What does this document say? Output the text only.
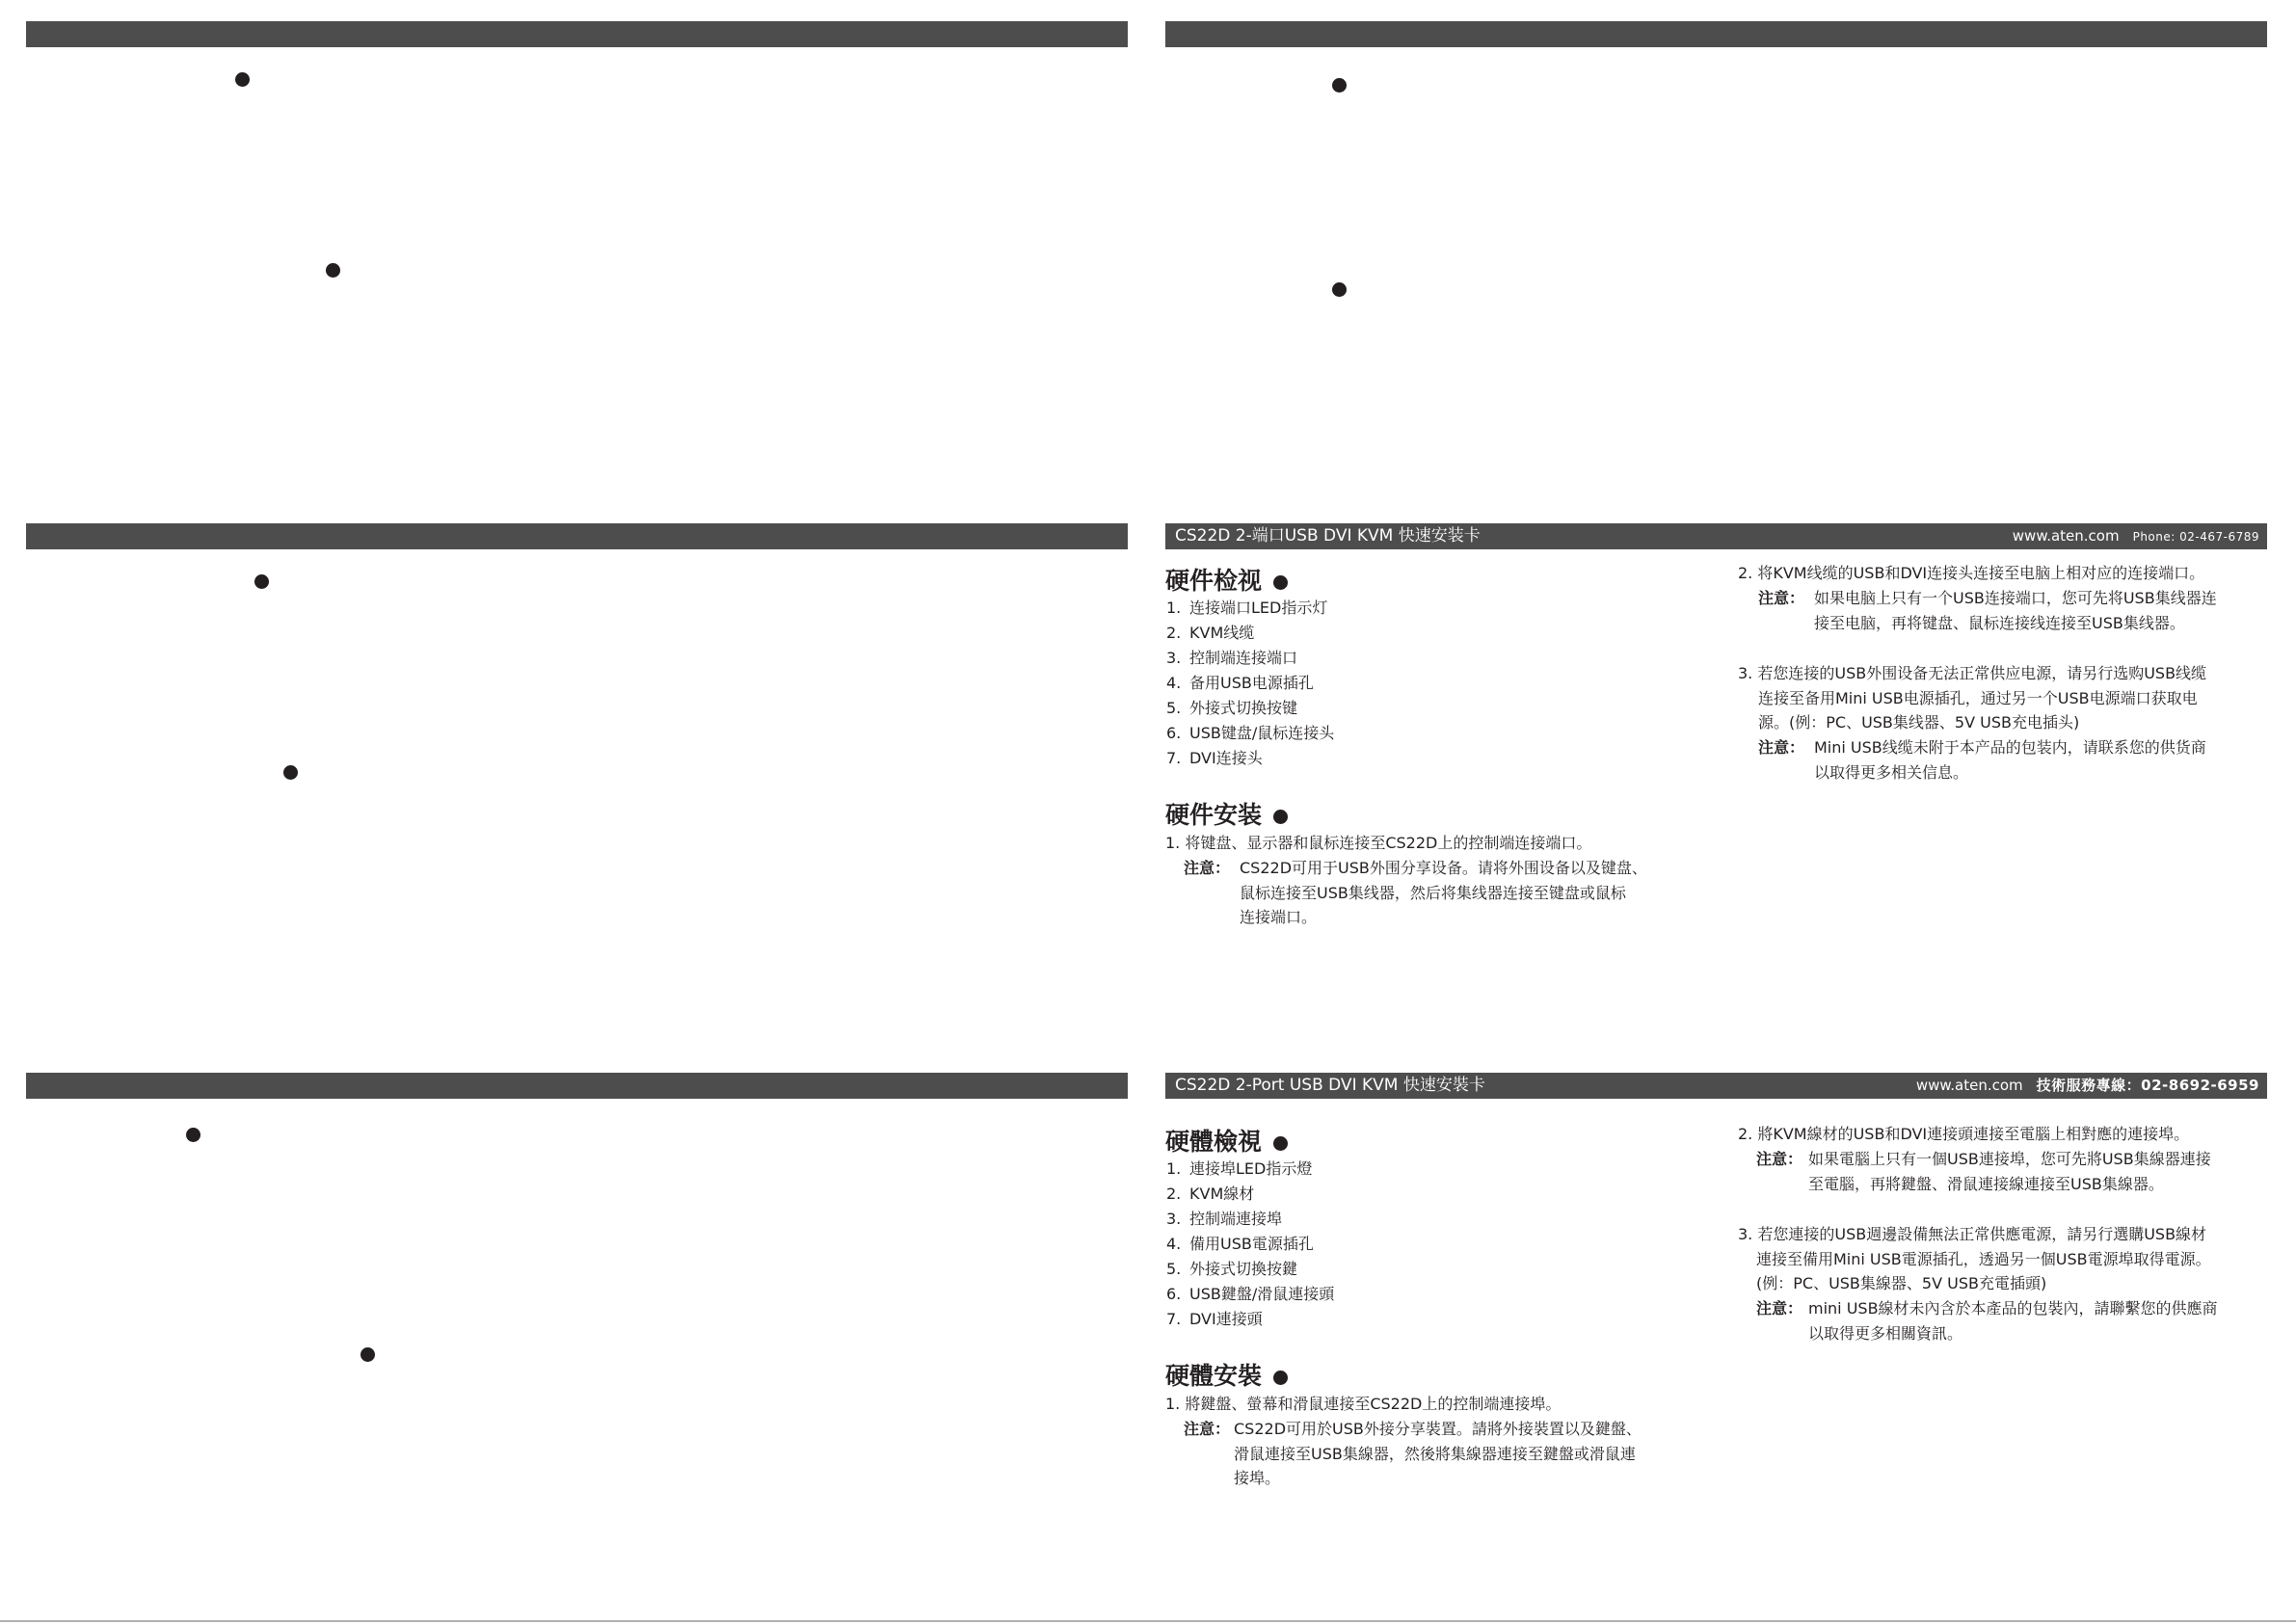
CS22D 2-端口USB DVI KVM 快速安装卡	www.aten.com Phone: 02-467-6789
CS22D 2-Port USB DVI KVM 快速安裝卡	www.aten.com 技術服務專線：02-8692-6959
硬件检视
1. 连接端口LED指示灯
2. KVM线缆
3. 控制端连接端口
4. 备用USB电源插孔
5. 外接式切换按键
6. USB键盘/鼠标连接头
7. DVI连接头
硬件安装
1. 将键盘、显示器和鼠标连接至CS22D上的控制端连接端口。
注意： CS22D可用于USB外围分享设备。请将外围设备以及键盘、
鼠标连接至USB集线器，然后将集线器连接至键盘或鼠标
连接端口。
2. 将KVM线缆的USB和DVI连接头连接至电脑上相对应的连接端口。
注意： 如果电脑上只有一个USB连接端口，您可先将USB集线器连
接至电脑，再将键盘、鼠标连接线连接至USB集线器。
3. 若您连接的USB外围设备无法正常供应电源，请另行选购USB线缆
连接至备用Mini USB电源插孔，通过另一个USB电源端口获取电
源。(例：PC、USB集线器、5V USB充电插头)
注意： Mini USB线缆未附于本产品的包装内，请联系您的供货商
以取得更多相关信息。
硬體檢視
1. 連接埠LED指示燈
2. KVM線材
3. 控制端連接埠
4. 備用USB電源插孔
5. 外接式切換按鍵
6. USB鍵盤/滑鼠連接頭
7. DVI連接頭
硬體安裝
1. 將鍵盤、螢幕和滑鼠連接至CS22D上的控制端連接埠。
注意： CS22D可用於USB外接分享裝置。請將外接裝置以及鍵盤、
滑鼠連接至USB集線器，然後將集線器連接至鍵盤或滑鼠連
接埠。
2. 將KVM線材的USB和DVI連接頭連接至電腦上相對應的連接埠。
注意： 如果電腦上只有一個USB連接埠，您可先將USB集線器連接
至電腦，再將鍵盤、滑鼠連接線連接至USB集線器。
3. 若您連接的USB週邊設備無法正常供應電源，請另行選購USB線材
連接至備用Mini USB電源插孔，透過另一個USB電源埠取得電源。
(例：PC、USB集線器、5V USB充電插頭)
注意： mini USB線材未內含於本產品的包裝內，請聯繫您的供應商
以取得更多相關資訊。
